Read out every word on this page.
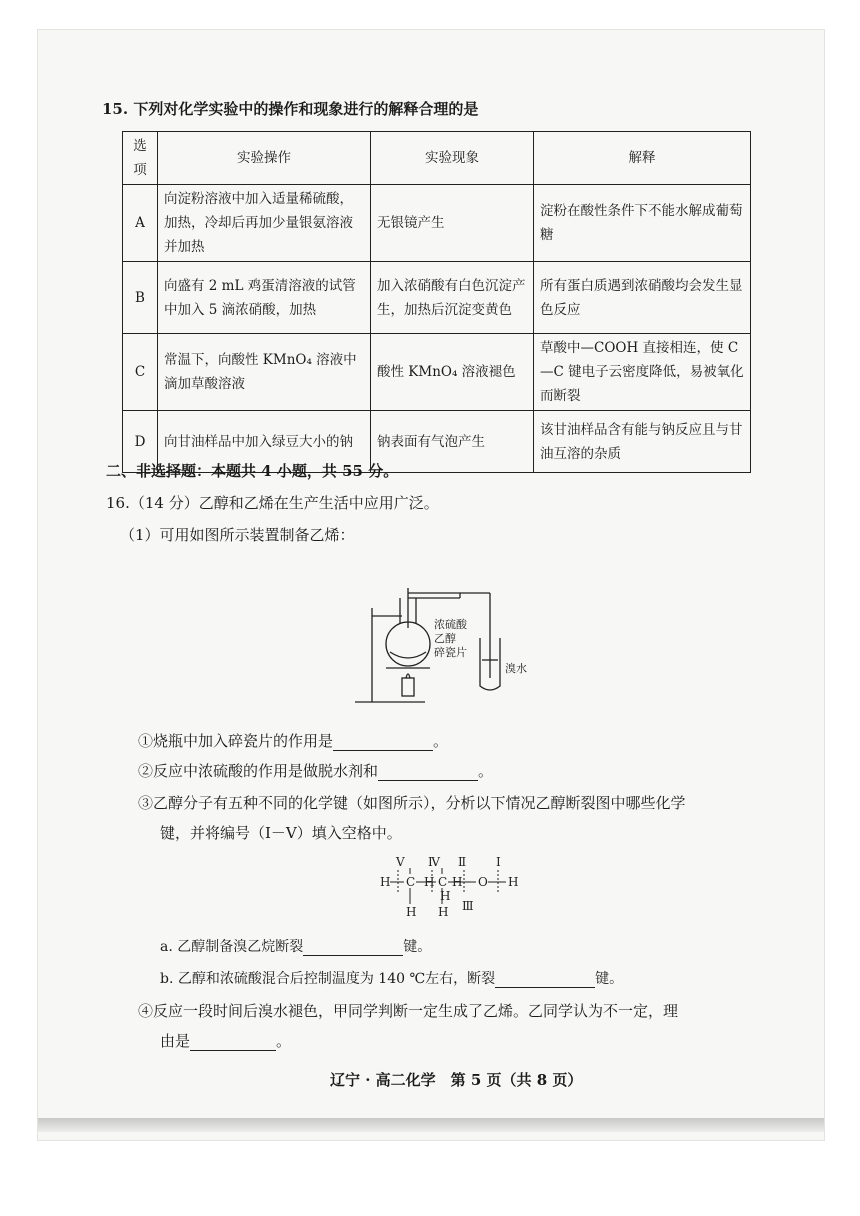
15. 下列对化学实验中的操作和现象进行的解释合理的是
选项	实验操作	实验现象	解释
A	向淀粉溶液中加入适量稀硫酸，加热，冷却后再加少量银氨溶液并加热	无银镜产生	淀粉在酸性条件下不能水解成葡萄糖
B	向盛有 2 mL 鸡蛋清溶液的试管中加入 5 滴浓硝酸，加热	加入浓硝酸有白色沉淀产生，加热后沉淀变黄色	所有蛋白质遇到浓硝酸均会发生显色反应
C	常温下，向酸性 KMnO₄ 溶液中滴加草酸溶液	酸性 KMnO₄ 溶液褪色	草酸中—COOH 直接相连，使 C—C 键电子云密度降低，易被氧化而断裂
D	向甘油样品中加入绿豆大小的钠	钠表面有气泡产生	该甘油样品含有能与钠反应且与甘油互溶的杂质
二、非选择题：本题共 4 小题，共 55 分。
16.（14 分）乙醇和乙烯在生产生活中应用广泛。
（1）可用如图所示装置制备乙烯：
浓硫酸
乙醇
碎瓷片
溴水
①烧瓶中加入碎瓷片的作用是	。
②反应中浓硫酸的作用是做脱水剂和	。
③乙醇分子有五种不同的化学键（如图所示），分析以下情况乙醇断裂图中哪些化学
键，并将编号（Ⅰ－Ⅴ）填入空格中。
Ⅴ Ⅳ Ⅱ Ⅰ
H
H H
H C C	O H
H H Ⅲ
a. 乙醇制备溴乙烷断裂	键。
b. 乙醇和浓硫酸混合后控制温度为 140 ℃左右，断裂	键。
④反应一段时间后溴水褪色，甲同学判断一定生成了乙烯。乙同学认为不一定，理
由是	。
辽宁 · 高二化学　第 5 页（共 8 页）
